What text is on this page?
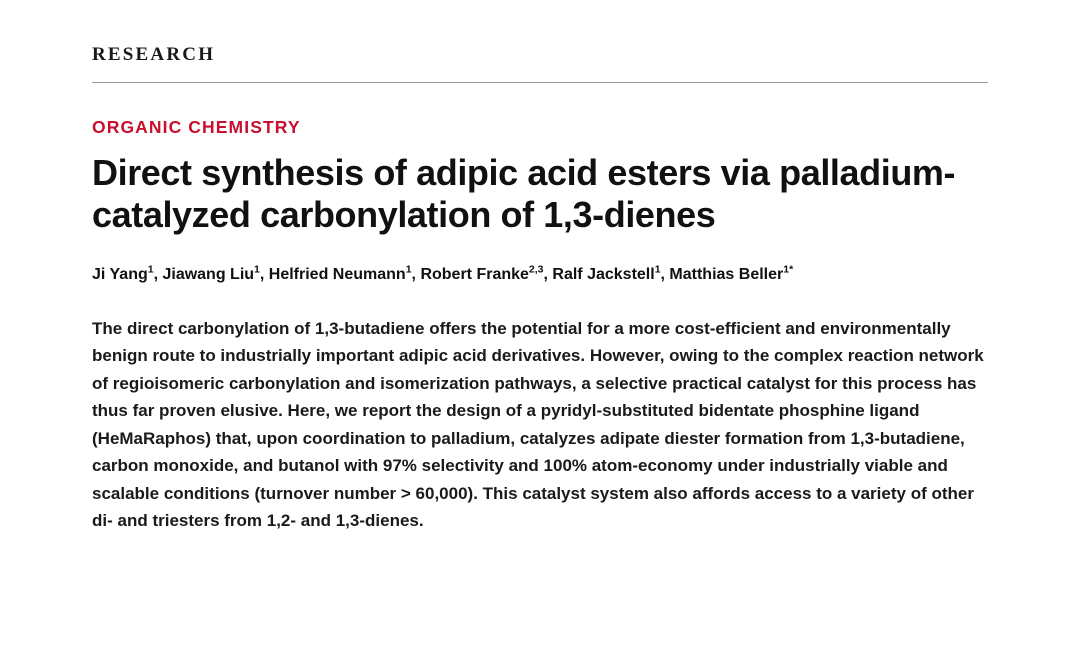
RESEARCH
ORGANIC CHEMISTRY
Direct synthesis of adipic acid esters via palladium-catalyzed carbonylation of 1,3-dienes
Ji Yang$^1$, Jiawang Liu$^1$, Helfried Neumann$^1$, Robert Franke$^{2,3}$, Ralf Jackstell$^1$, Matthias Beller$^{1*}$

The direct carbonylation of 1,3-butadiene offers the potential for a more cost-efficient and environmentally benign route to industrially important adipic acid derivatives. However, owing to the complex reaction network of regioisomeric carbonylation and isomerization pathways, a selective practical catalyst for this process has thus far proven elusive. Here, we report the design of a pyridyl-substituted bidentate phosphine ligand (HeMaRaphos) that, upon coordination to palladium, catalyzes adipate diester formation from 1,3-butadiene, carbon monoxide, and butanol with 97% selectivity and 100% atom-economy under industrially viable and scalable conditions (turnover number > 60,000). This catalyst system also affords access to a variety of other di- and triesters from 1,2- and 1,3-dienes.
